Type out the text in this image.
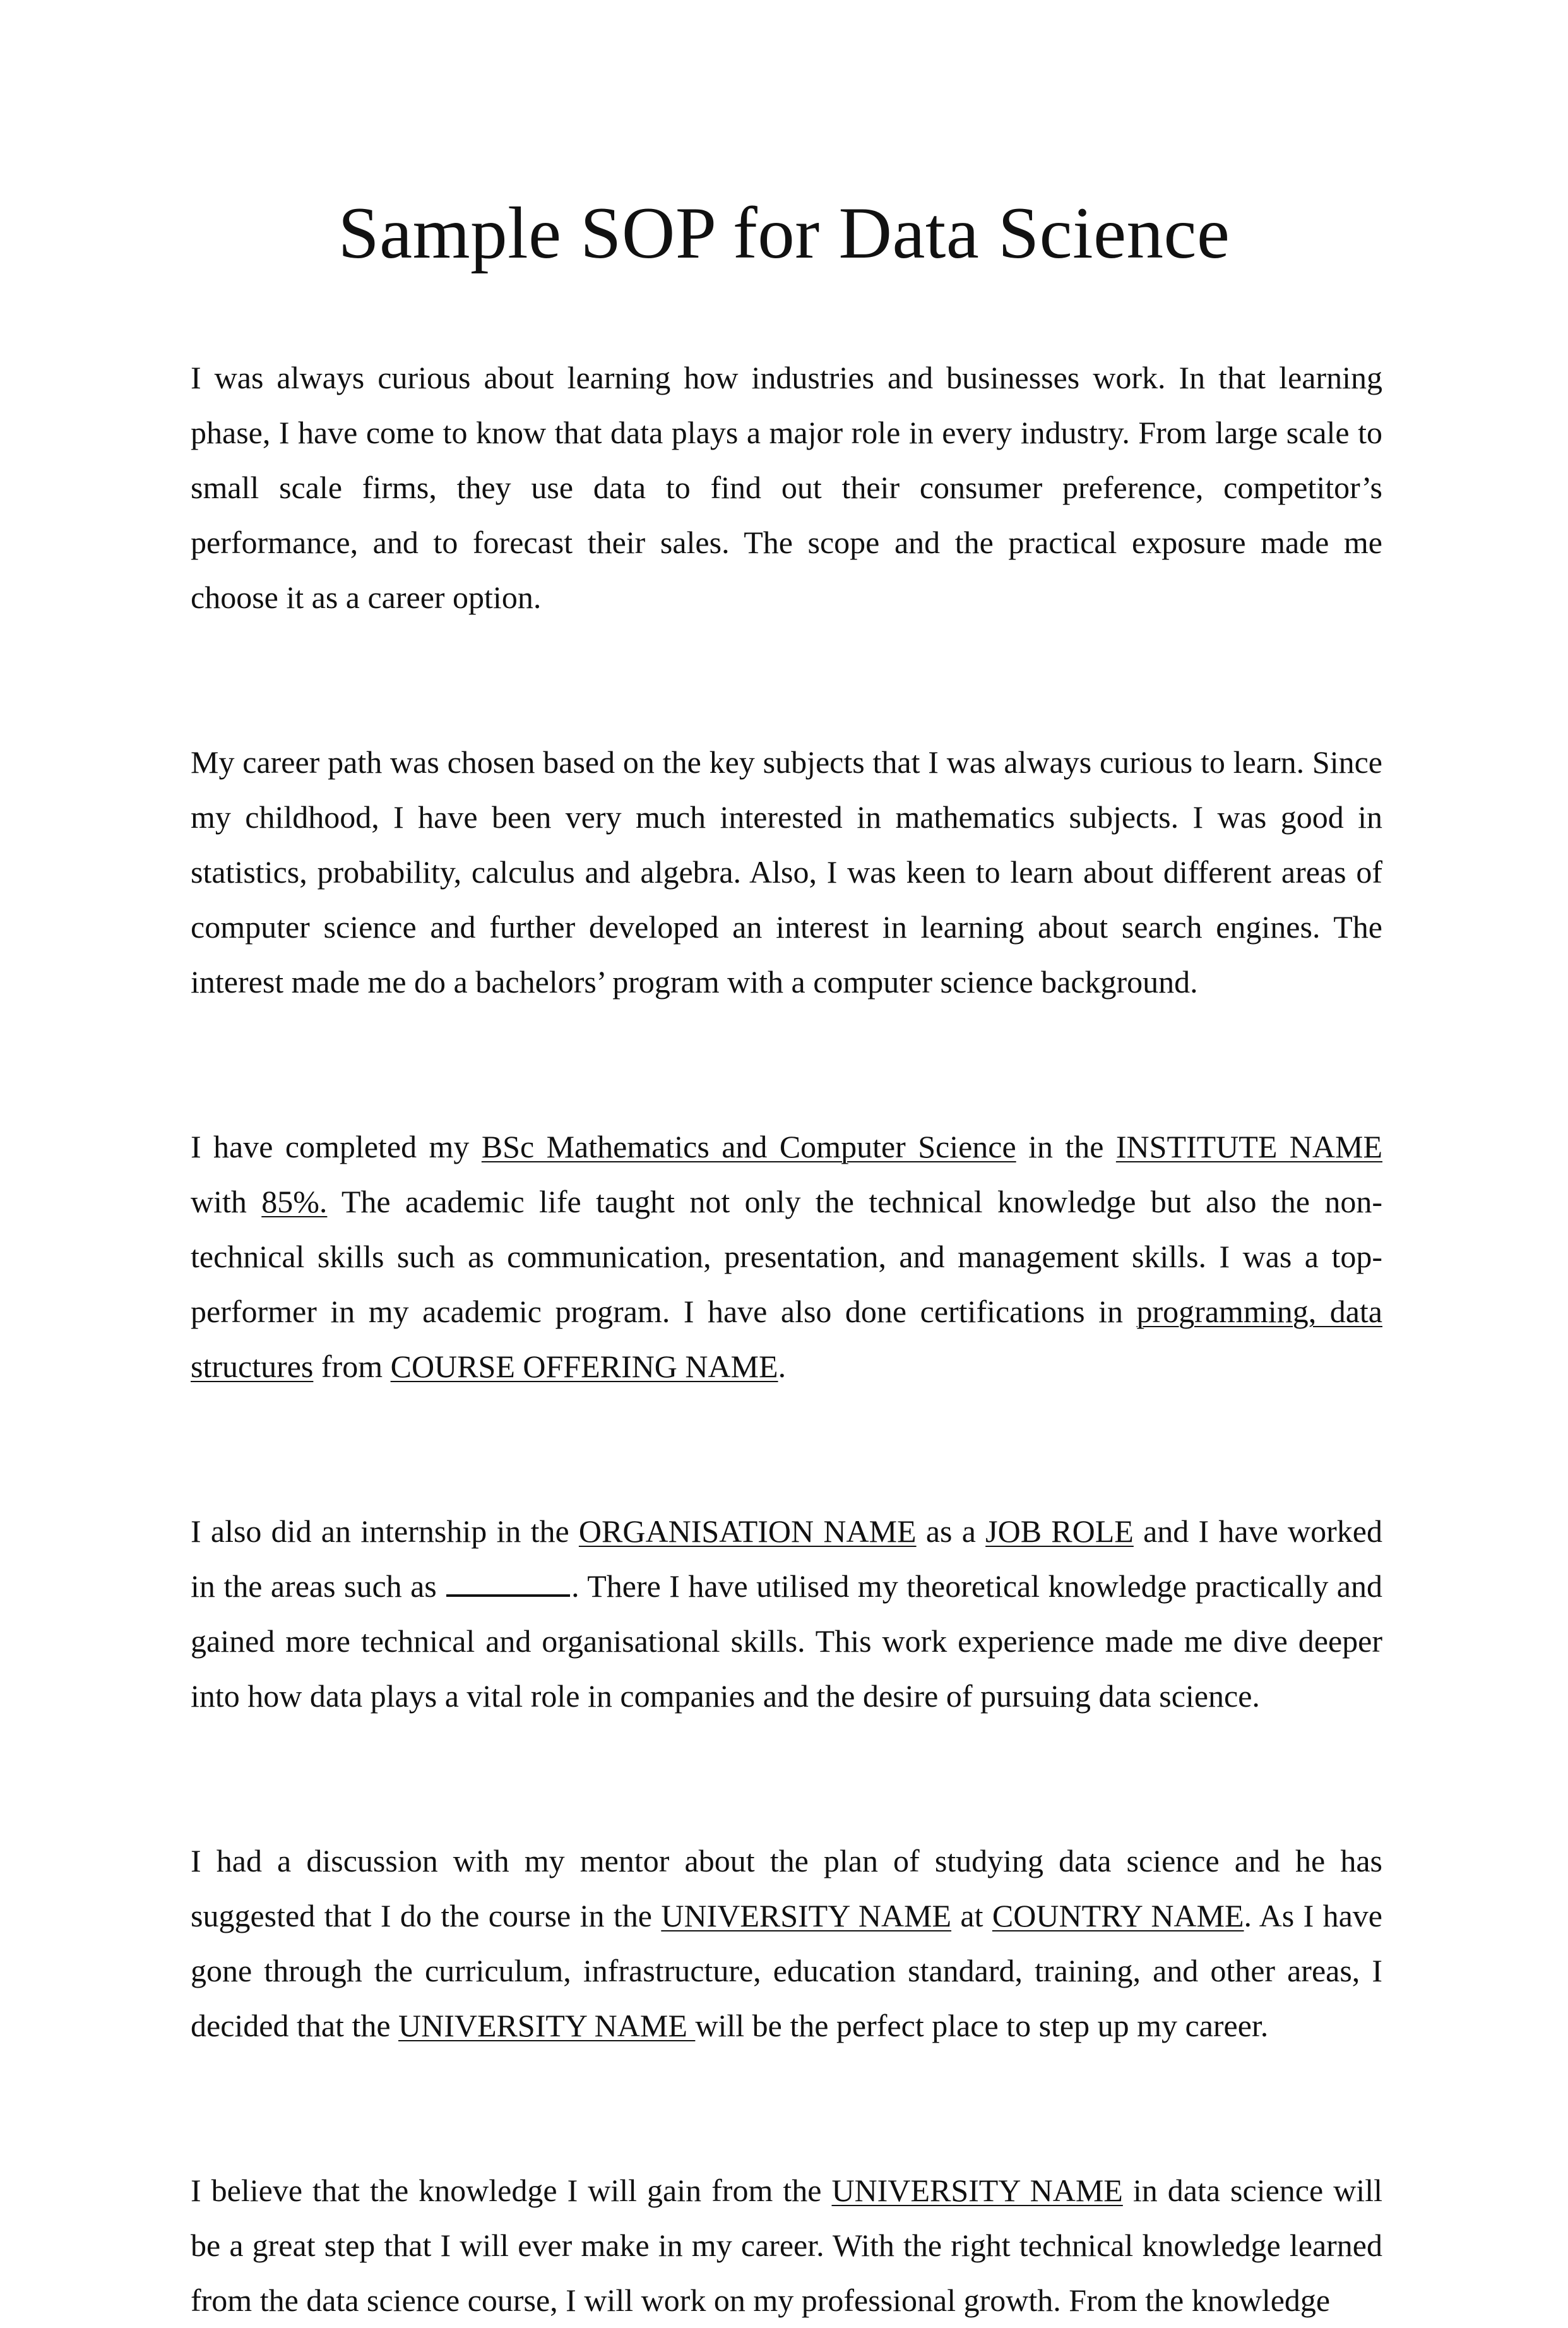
Sample SOP for Data Science

I was always curious about learning how industries and businesses work. In that learning phase, I have come to know that data plays a major role in every industry. From large scale to small scale firms, they use data to find out their consumer preference, competitor’s performance, and to forecast their sales. The scope and the practical exposure made me choose it as a career option.

My career path was chosen based on the key subjects that I was always curious to learn. Since my childhood, I have been very much interested in mathematics subjects. I was good in statistics, probability, calculus and algebra. Also, I was keen to learn about different areas of computer science and further developed an interest in learning about search engines. The interest made me do a bachelors’ program with a computer science background.

I have completed my BSc Mathematics and Computer Science in the INSTITUTE NAME with 85%. The academic life taught not only the technical knowledge but also the non-technical skills such as communication, presentation, and management skills. I was a top-performer in my academic program. I have also done certifications in programming, data structures from COURSE OFFERING NAME.

I also did an internship in the ORGANISATION NAME as a JOB ROLE and I have worked in the areas such as	. There I have utilised my theoretical knowledge practically and gained more technical and organisational skills. This work experience made me dive deeper into how data plays a vital role in companies and the desire of pursuing data science.

I had a discussion with my mentor about the plan of studying data science and he has suggested that I do the course in the UNIVERSITY NAME at COUNTRY NAME. As I have gone through the curriculum, infrastructure, education standard, training, and other areas, I decided that the UNIVERSITY NAME will be the perfect place to step up my career.

I believe that the knowledge I will gain from the UNIVERSITY NAME in data science will be a great step that I will ever make in my career. With the right technical knowledge learned from the data science course, I will work on my professional growth. From the knowledge
